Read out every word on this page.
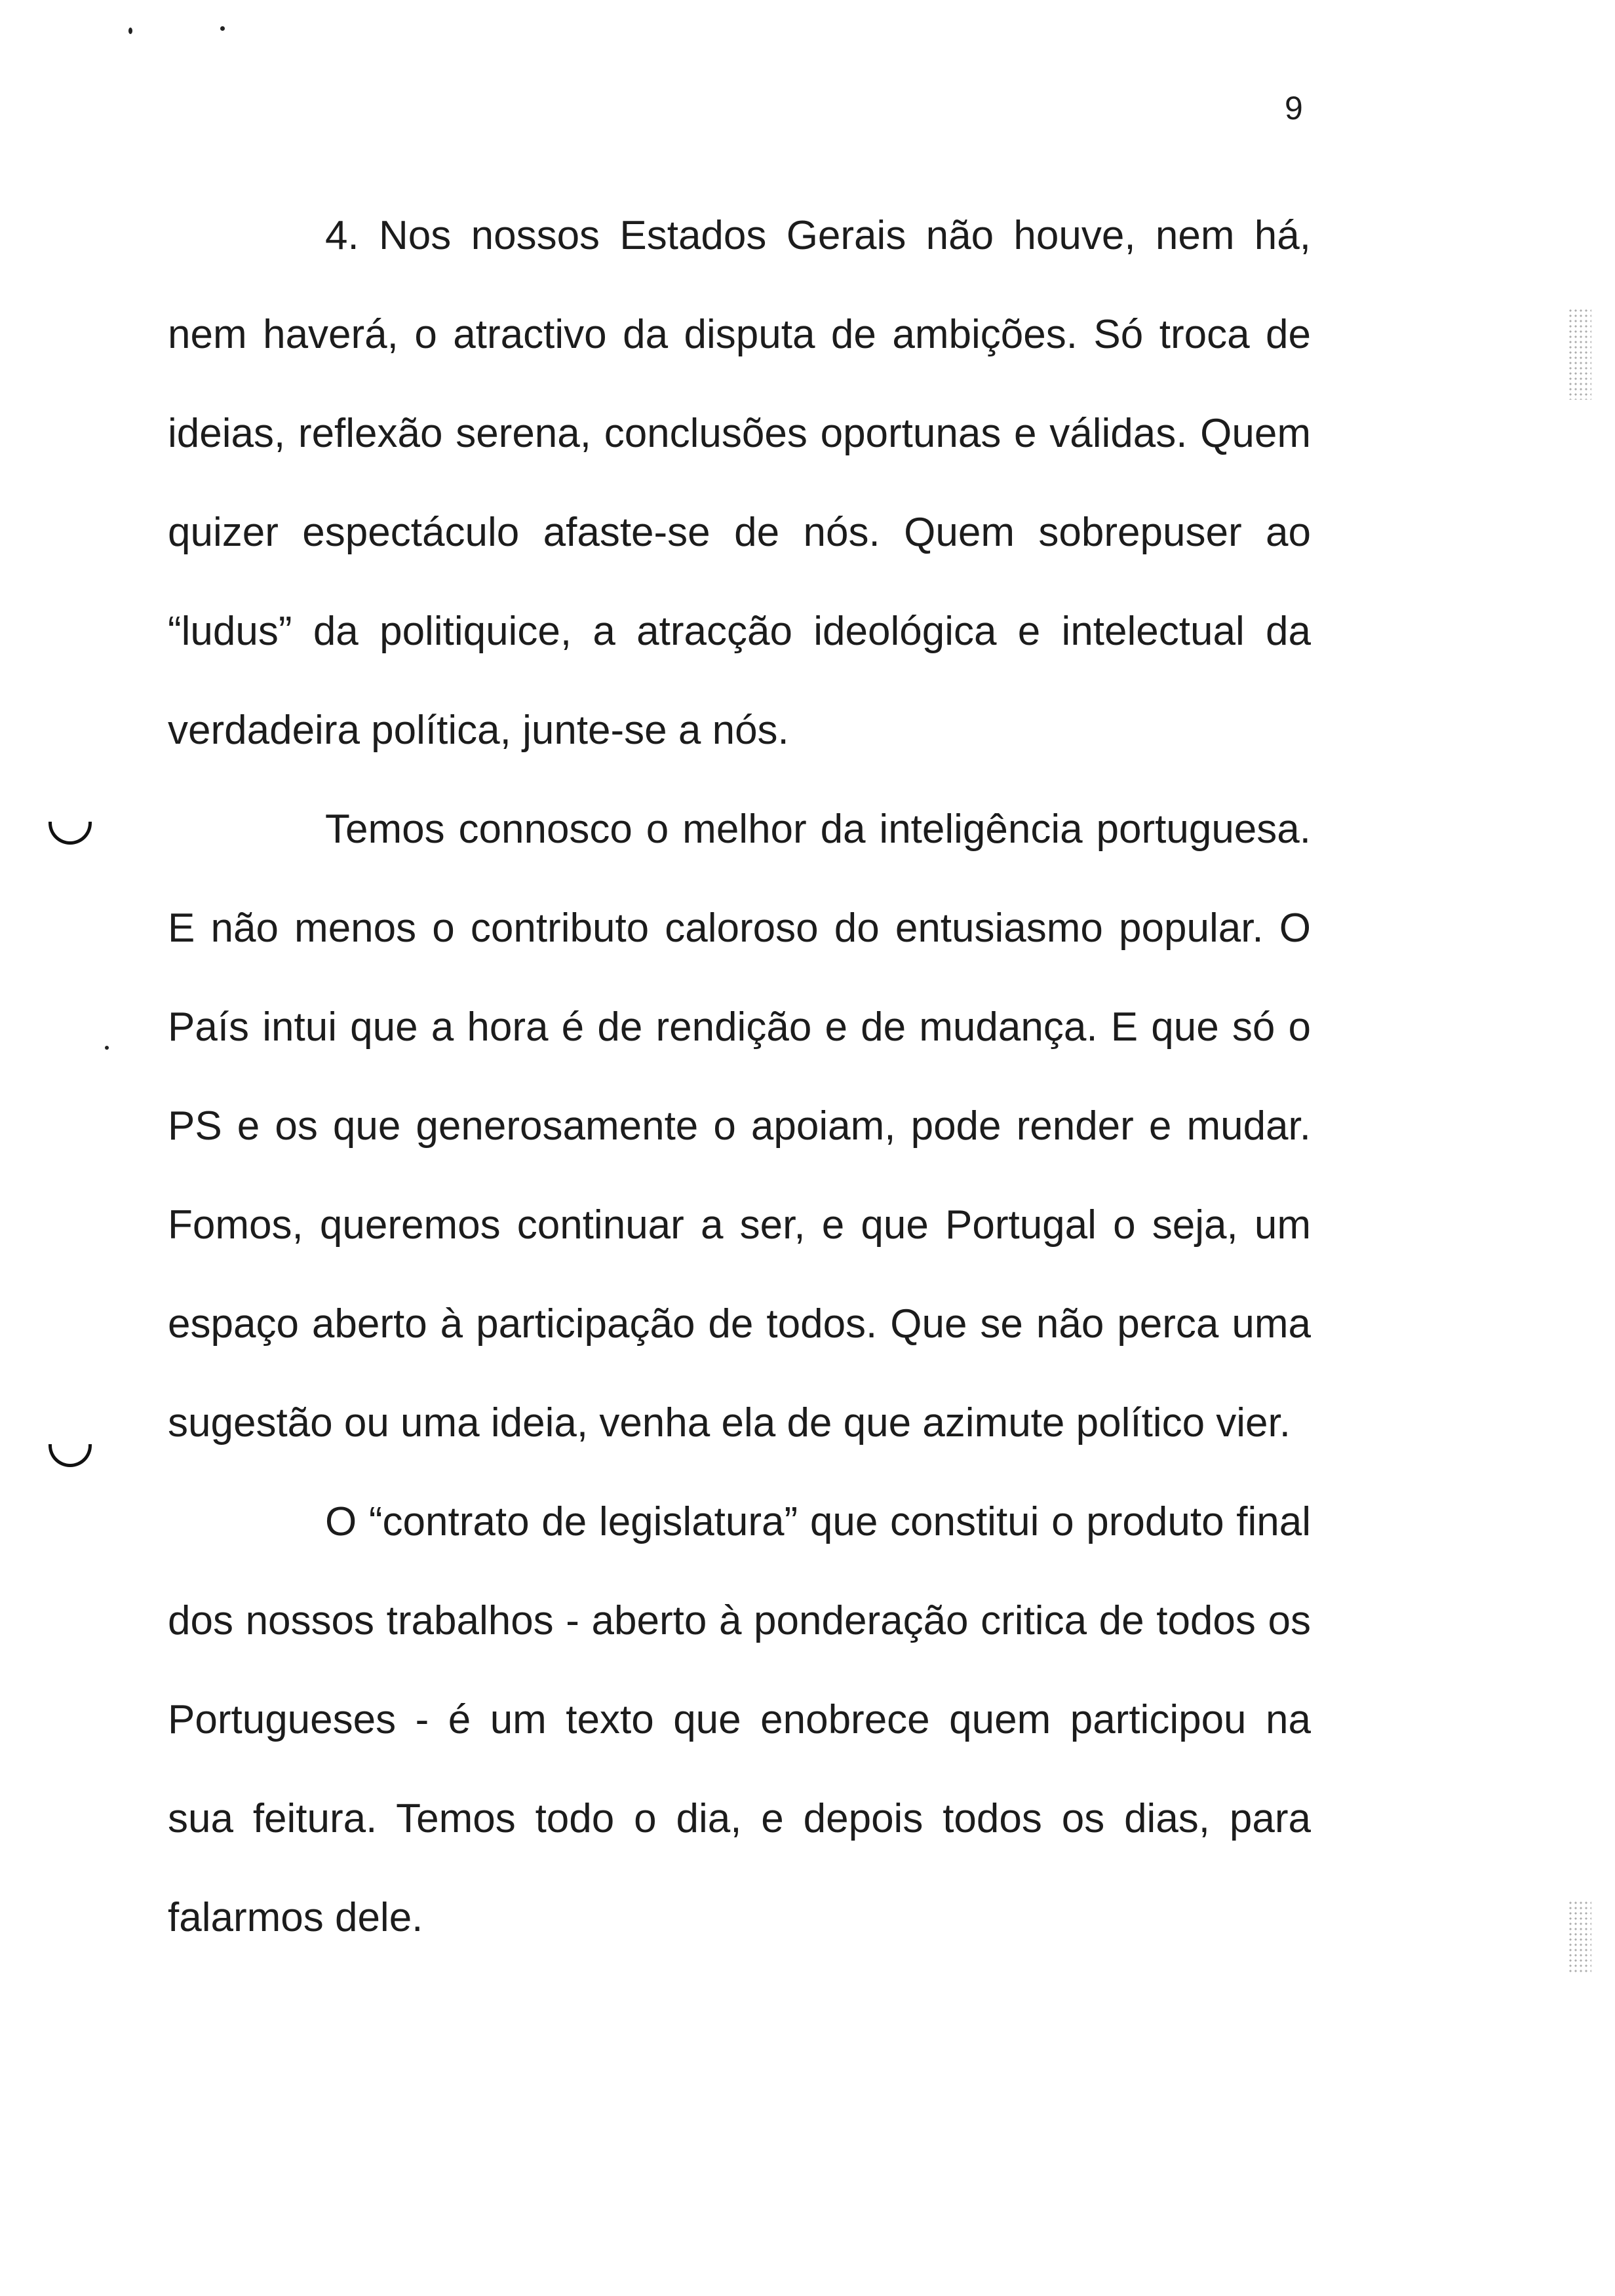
9

4. Nos nossos Estados Gerais não houve, nem há, nem haverá, o atractivo da disputa de ambições. Só troca de ideias, reflexão serena, conclusões oportunas e válidas. Quem quizer espectáculo afaste-se de nós. Quem sobrepuser ao “ludus” da politiquice, a atracção ideológica e intelectual da verdadeira política, junte-se a nós.

Temos connosco o melhor da inteligência portuguesa. E não menos o contributo caloroso do entusiasmo popular. O País intui que a hora é de rendição e de mudança. E que só o PS e os que generosamente o apoiam, pode render e mudar. Fomos, queremos continuar a ser, e que Portugal o seja, um espaço aberto à participação de todos. Que se não perca uma sugestão ou uma ideia, venha ela de que azimute político vier.

O “contrato de legislatura” que constitui o produto final dos nossos trabalhos - aberto à ponderação critica de todos os Portugueses - é um texto que enobrece quem participou na sua feitura. Temos todo o dia, e depois todos os dias, para falarmos dele.
